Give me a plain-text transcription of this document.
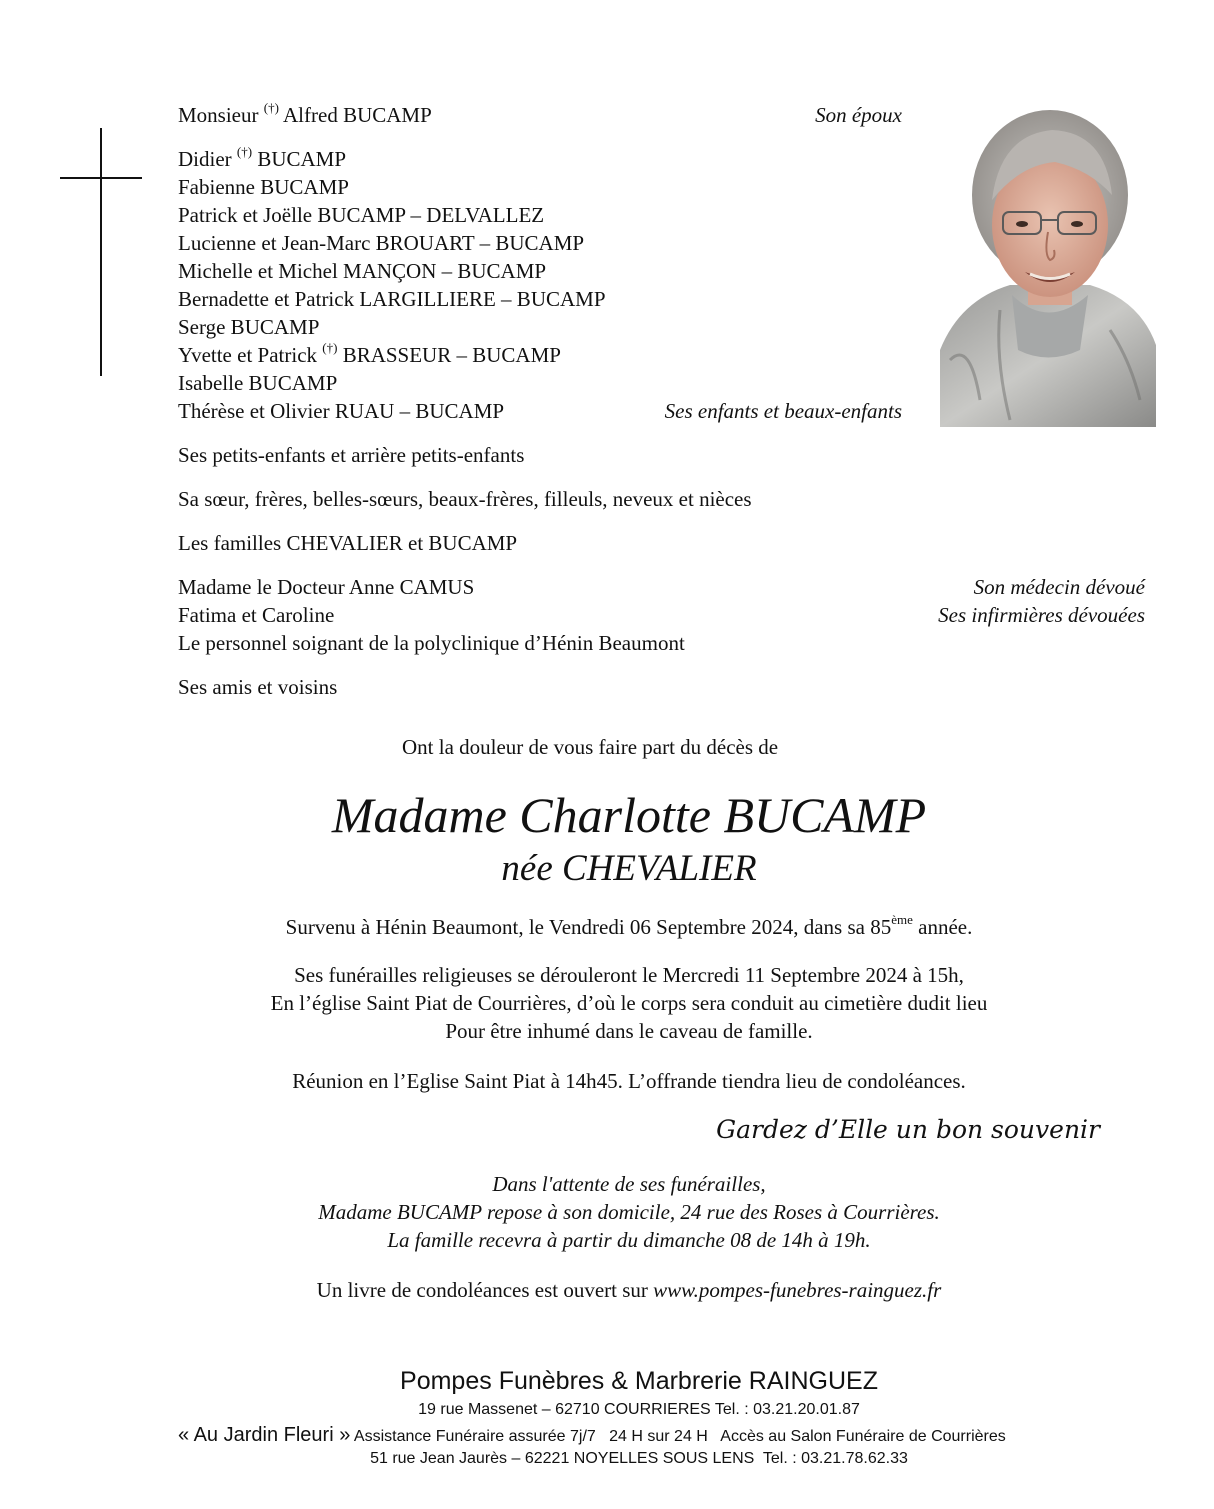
Monsieur (†) Alfred BUCAMP	Son époux
Didier (†) BUCAMP
Fabienne BUCAMP
Patrick et Joëlle BUCAMP – DELVALLEZ
Lucienne et Jean-Marc BROUART – BUCAMP
Michelle et Michel MANÇON – BUCAMP
Bernadette et Patrick LARGILLIERE – BUCAMP
Serge BUCAMP
Yvette et Patrick (†) BRASSEUR – BUCAMP
Isabelle BUCAMP
Thérèse et Olivier RUAU – BUCAMP	Ses enfants et beaux-enfants
Ses petits-enfants et arrière petits-enfants
Sa sœur, frères, belles-sœurs, beaux-frères, filleuls, neveux et nièces
Les familles CHEVALIER et BUCAMP
Madame le Docteur Anne CAMUS	Son médecin dévoué
Fatima et Caroline	Ses infirmières dévouées
Le personnel soignant de la polyclinique d’Hénin Beaumont
Ses amis et voisins
Ont la douleur de vous faire part du décès de
Madame Charlotte BUCAMP
née CHEVALIER
Survenu à Hénin Beaumont, le Vendredi 06 Septembre 2024, dans sa 85ème année.
Ses funérailles religieuses se dérouleront le Mercredi 11 Septembre 2024 à 15h,
En l’église Saint Piat de Courrières, d’où le corps sera conduit au cimetière dudit lieu
Pour être inhumé dans le caveau de famille.
Réunion en l’Eglise Saint Piat à 14h45. L’offrande tiendra lieu de condoléances.
Gardez d’Elle un bon souvenir
Dans l'attente de ses funérailles,
Madame BUCAMP repose à son domicile, 24 rue des Roses à Courrières.
La famille recevra à partir du dimanche 08 de 14h à 19h.
Un livre de condoléances est ouvert sur www.pompes-funebres-rainguez.fr
Pompes Funèbres & Marbrerie RAINGUEZ
19 rue Massenet – 62710 COURRIERES Tel. : 03.21.20.01.87
« Au Jardin Fleuri » Assistance Funéraire assurée 7j/7   24 H sur 24 H   Accès au Salon Funéraire de Courrières
51 rue Jean Jaurès – 62221 NOYELLES SOUS LENS  Tel. : 03.21.78.62.33
